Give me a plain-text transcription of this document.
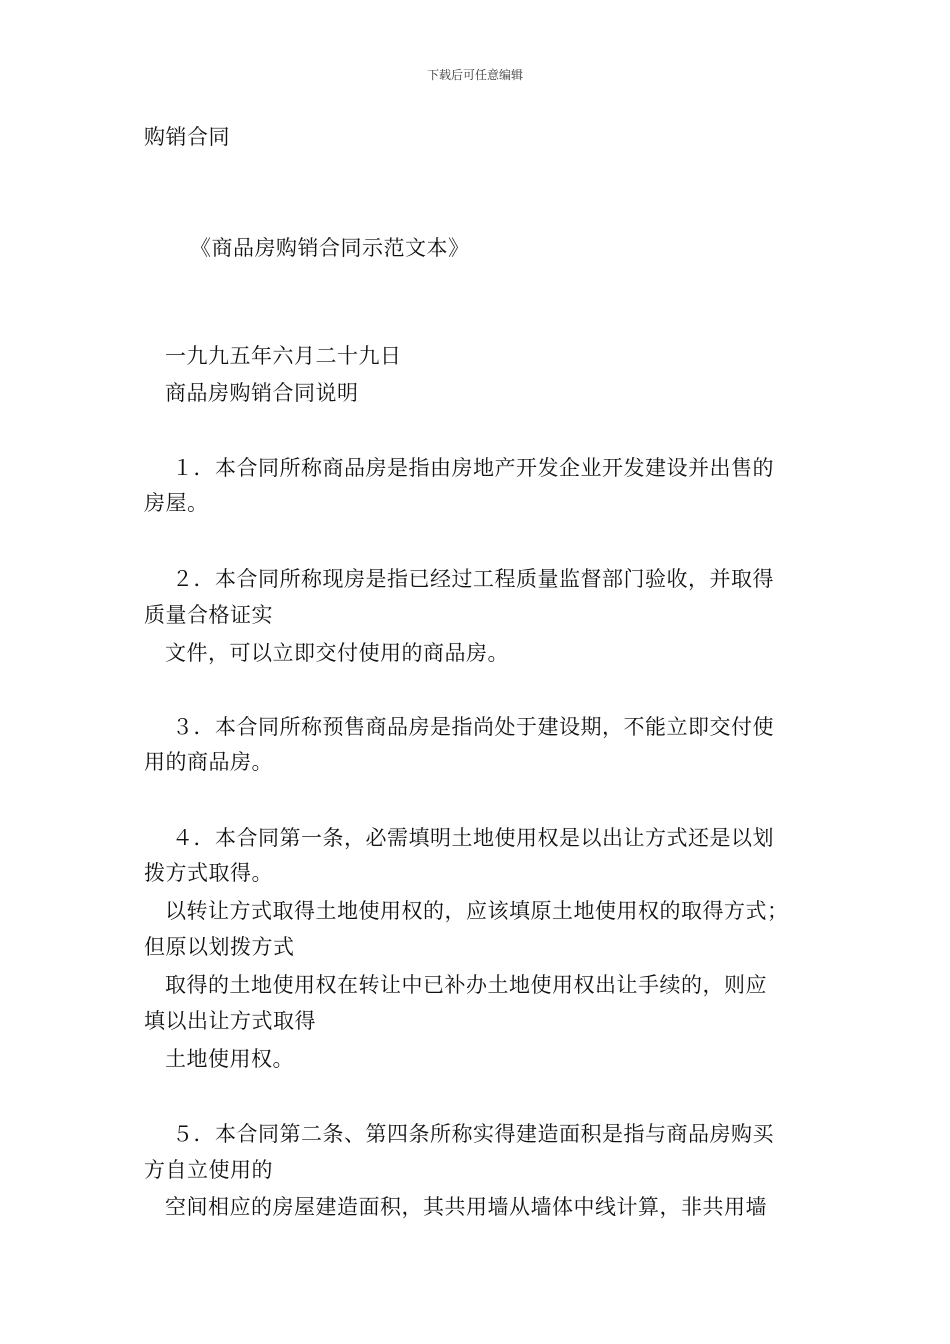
下载后可任意编辑
购销合同
《商品房购销合同示范文本》
一九九五年六月二十九日
商品房购销合同说明
１．本合同所称商品房是指由房地产开发企业开发建设并出售的
房屋。
２．本合同所称现房是指已经过工程质量监督部门验收，并取得
质量合格证实
文件，可以立即交付使用的商品房。
３．本合同所称预售商品房是指尚处于建设期，不能立即交付使
用的商品房。
４．本合同第一条，必需填明土地使用权是以出让方式还是以划
拨方式取得。
以转让方式取得土地使用权的，应该填原土地使用权的取得方式；
但原以划拨方式
取得的土地使用权在转让中已补办土地使用权出让手续的，则应
填以出让方式取得
土地使用权。
５．本合同第二条、第四条所称实得建造面积是指与商品房购买
方自立使用的
空间相应的房屋建造面积，其共用墙从墙体中线计算，非共用墙
